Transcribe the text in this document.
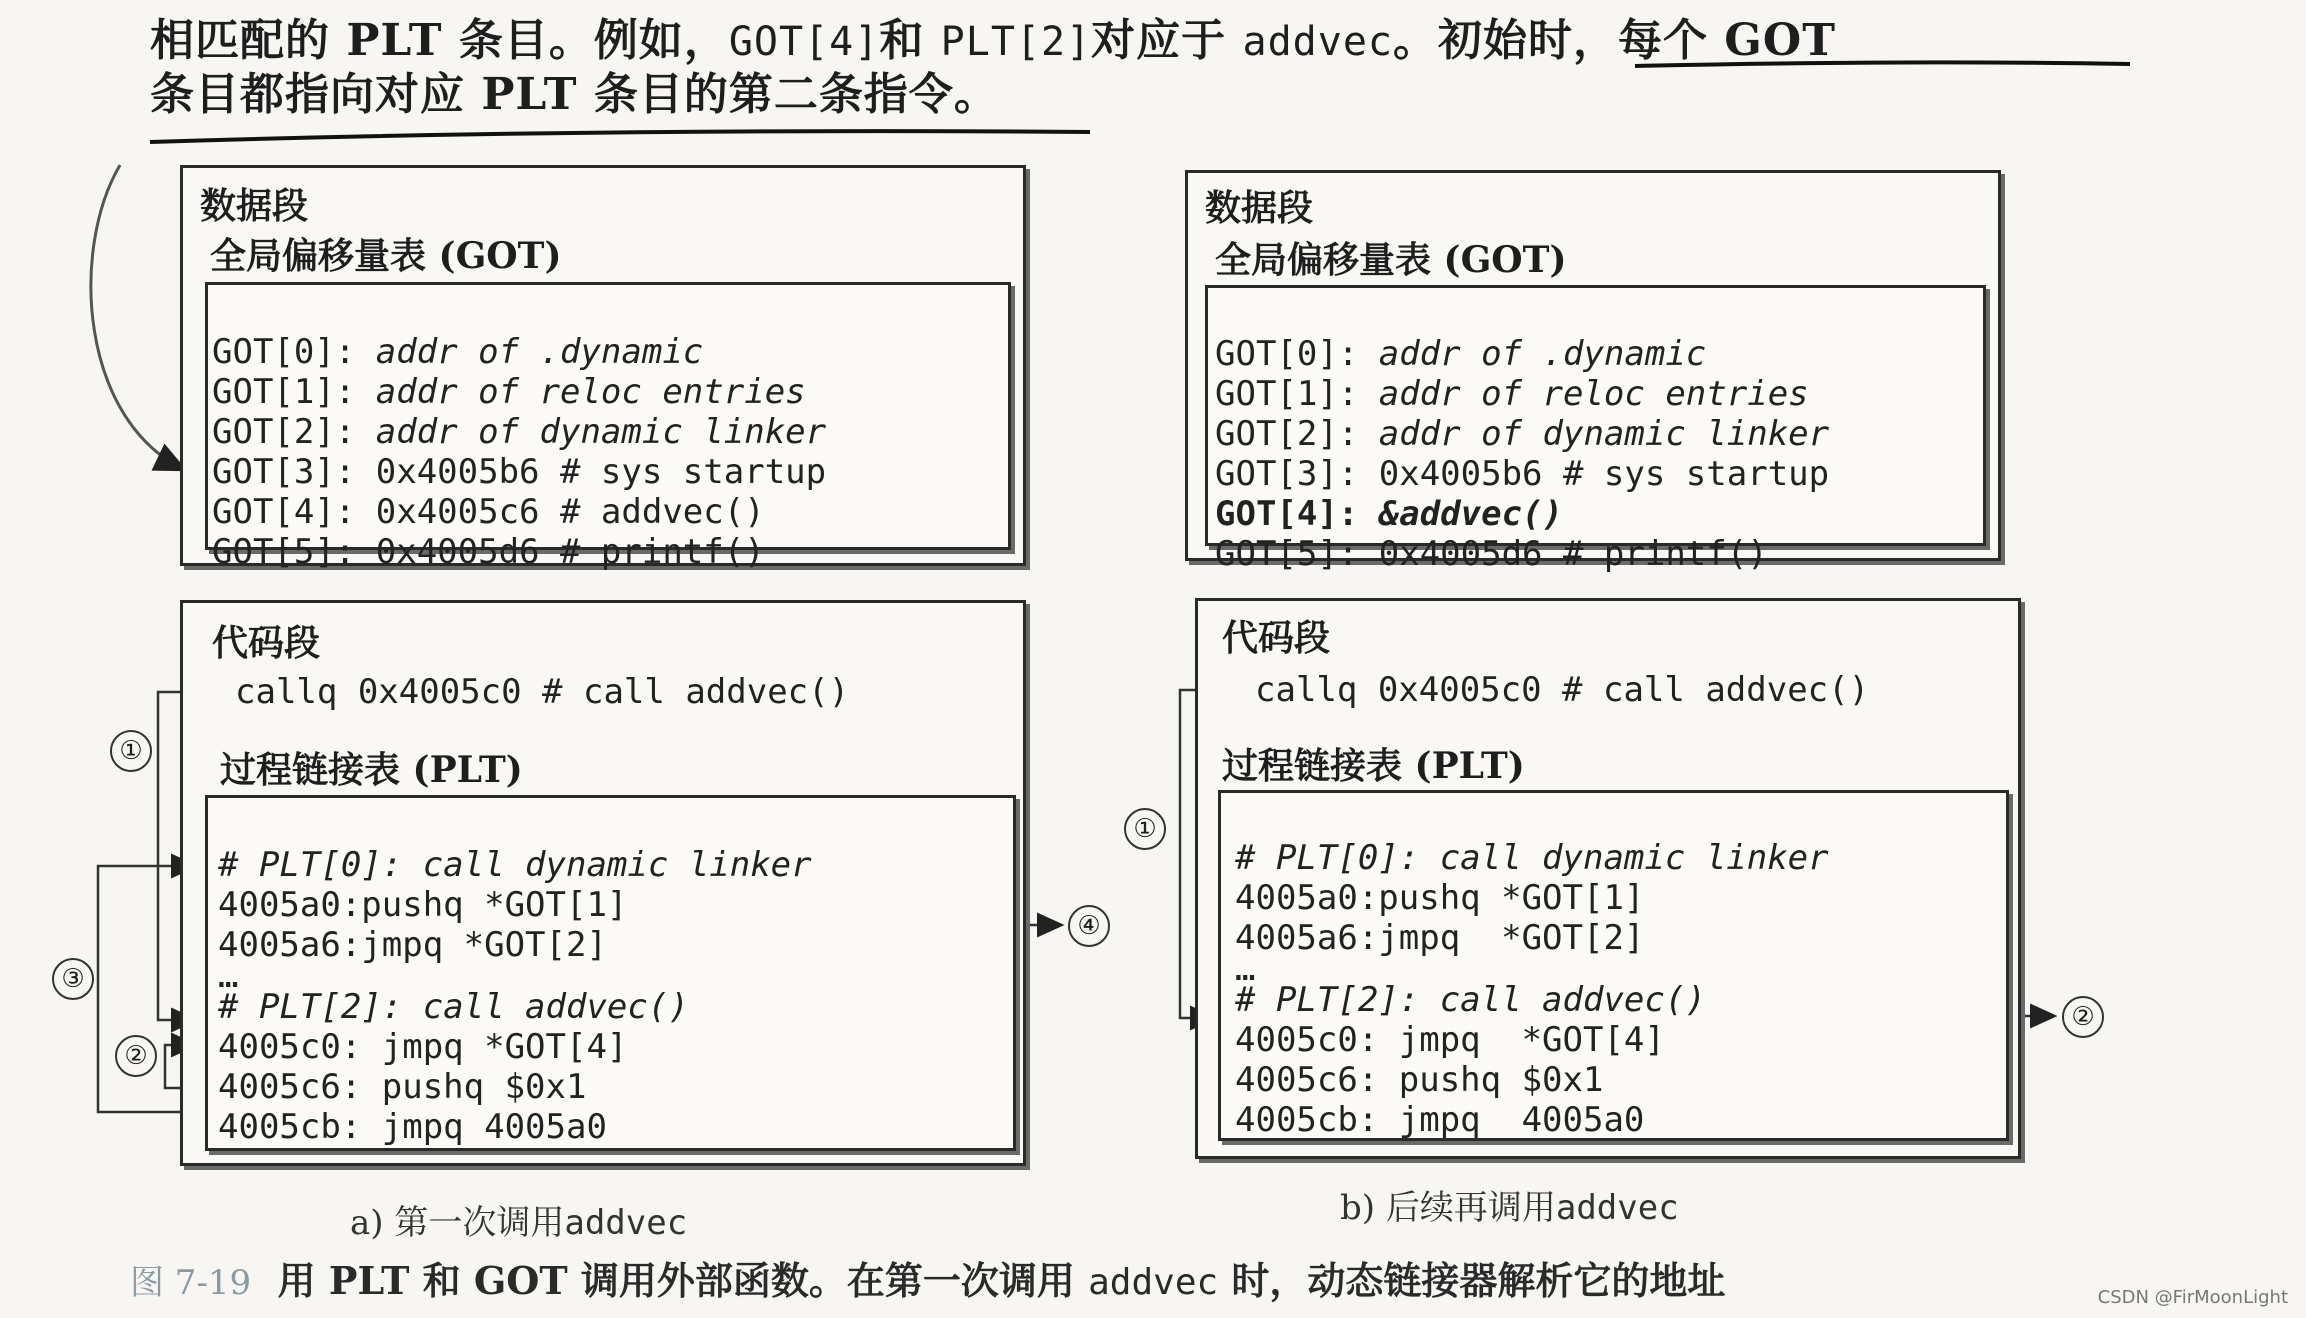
相匹配的 PLT 条目。例如，GOT[4]和 PLT[2]对应于 addvec。初始时，每个 GOT
条目都指向对应 PLT 条目的第二条指令。
数据段
全局偏移量表 (GOT)

GOT[0]: addr of .dynamic
GOT[1]: addr of reloc entries
GOT[2]: addr of dynamic linker
GOT[3]: 0x4005b6 # sys startup
GOT[4]: 0x4005c6 # addvec()
GOT[5]: 0x4005d6 # printf()

代码段
callq 0x4005c0 # call addvec()
过程链接表 (PLT)

# PLT[0]: call dynamic linker
4005a0:pushq *GOT[1]
4005a6:jmpq *GOT[2]
…
# PLT[2]: call addvec()
4005c0: jmpq *GOT[4]
4005c6: pushq $0x1
4005cb: jmpq 4005a0

①
②
③
④
a) 第一次调用addvec
数据段
全局偏移量表 (GOT)

GOT[0]: addr of .dynamic
GOT[1]: addr of reloc entries
GOT[2]: addr of dynamic linker
GOT[3]: 0x4005b6 # sys startup
GOT[4]: &addvec()
GOT[5]: 0x4005d6 # printf()

代码段
callq 0x4005c0 # call addvec()
过程链接表 (PLT)

# PLT[0]: call dynamic linker
4005a0:pushq *GOT[1]
4005a6:jmpq  *GOT[2]
…
# PLT[2]: call addvec()
4005c0: jmpq  *GOT[4]
4005c6: pushq $0x1
4005cb: jmpq  4005a0

①
②
b) 后续再调用addvec
图 7-19 用 PLT 和 GOT 调用外部函数。在第一次调用 addvec 时，动态链接器解析它的地址	CSDN @FirMoonLight
